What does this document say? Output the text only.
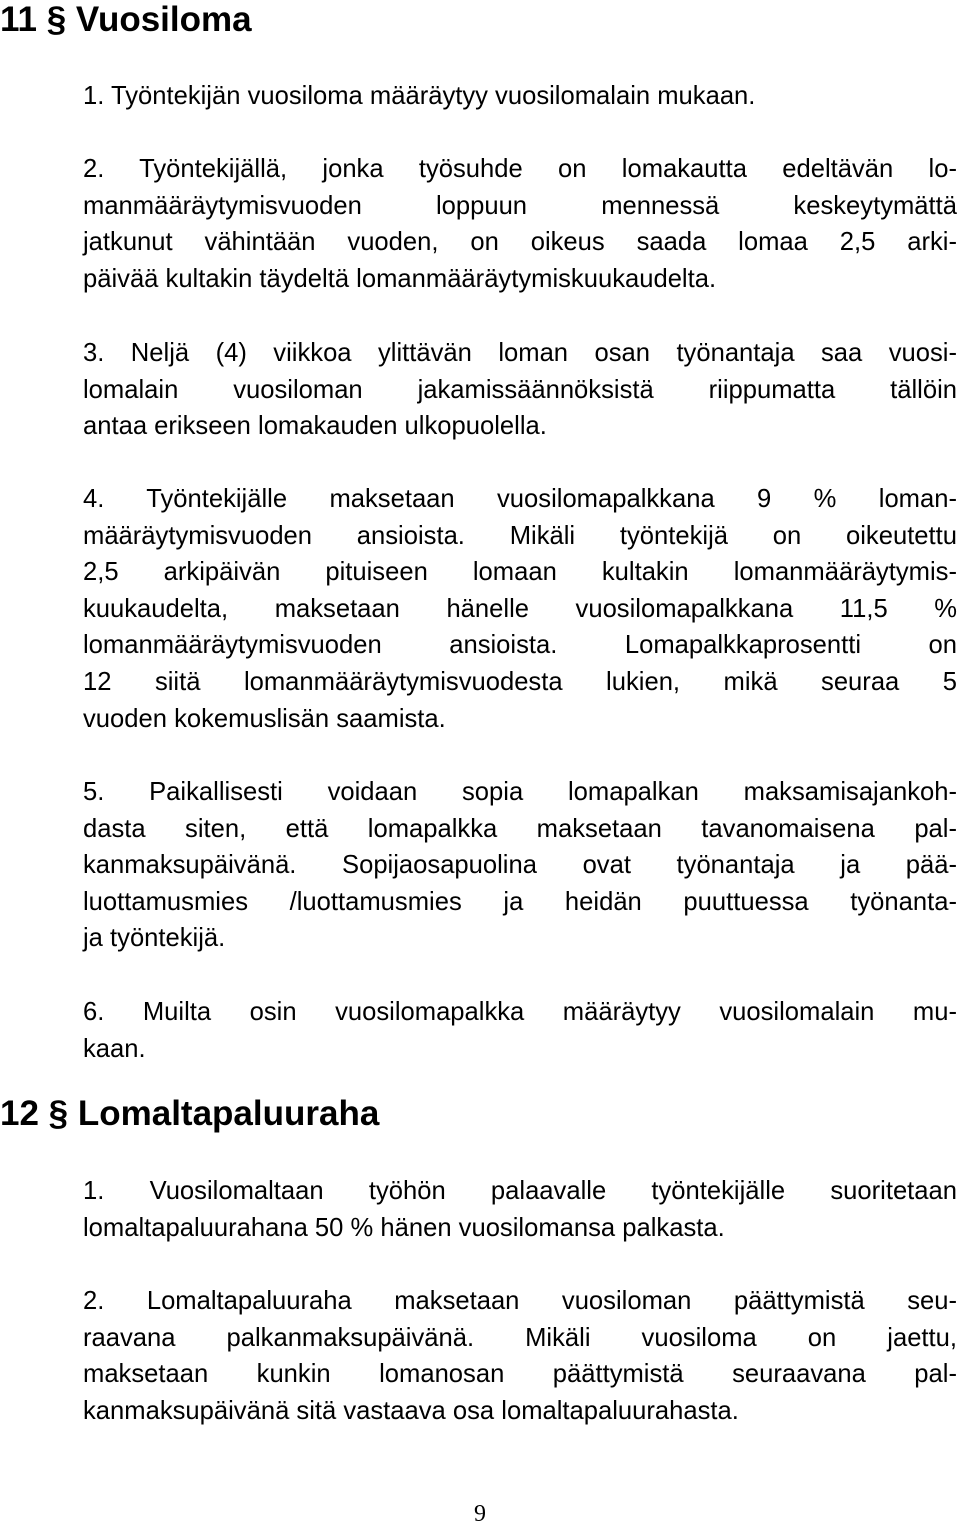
11 § Vuosiloma
1. Työntekijän vuosiloma määräytyy vuosilomalain mukaan.
2. Työntekijällä, jonka työsuhde on lomakautta edeltävän lo-
manmääräytymisvuoden loppuun mennessä keskeytymättä
jatkunut vähintään vuoden, on oikeus saada lomaa 2,5 arki-
päivää kultakin täydeltä lomanmääräytymiskuukaudelta.
3. Neljä (4) viikkoa ylittävän loman osan työnantaja saa vuosi-
lomalain vuosiloman jakamissäännöksistä riippumatta tällöin
antaa erikseen lomakauden ulkopuolella.
4. Työntekijälle maksetaan vuosilomapalkkana 9 % loman-
määräytymisvuoden ansioista. Mikäli työntekijä on oikeutettu
2,5 arkipäivän pituiseen lomaan kultakin lomanmääräytymis-
kuukaudelta, maksetaan hänelle vuosilomapalkkana 11,5 %
lomanmääräytymisvuoden ansioista. Lomapalkkaprosentti on
12 siitä lomanmääräytymisvuodesta lukien, mikä seuraa 5
vuoden kokemuslisän saamista.
5. Paikallisesti voidaan sopia lomapalkan maksamisajankoh-
dasta siten, että lomapalkka maksetaan tavanomaisena pal-
kanmaksupäivänä. Sopijaosapuolina ovat työnantaja ja pää-
luottamusmies /luottamusmies ja heidän puuttuessa työnanta-
ja työntekijä.
6. Muilta osin vuosilomapalkka määräytyy vuosilomalain mu-
kaan.
12 § Lomaltapaluuraha
1. Vuosilomaltaan työhön palaavalle työntekijälle suoritetaan
lomaltapaluurahana 50 % hänen vuosilomansa palkasta.
2. Lomaltapaluuraha maksetaan vuosiloman päättymistä seu-
raavana palkanmaksupäivänä. Mikäli vuosiloma on jaettu,
maksetaan kunkin lomanosan päättymistä seuraavana pal-
kanmaksupäivänä sitä vastaava osa lomaltapaluurahasta.
9
